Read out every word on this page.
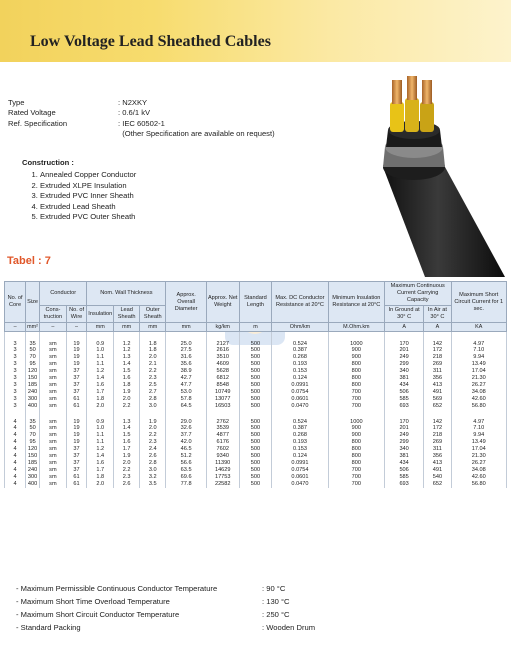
Low Voltage Lead Sheathed Cables
Type	: N2XKY
Rated Voltage	: 0.6/1 kV
Ref. Specification	: IEC 60502-1
(Other Specification are available on request)
Construction :
1. Annealed Copper Conductor
2. Extruded XLPE Insulation
3. Extruded PVC Inner Sheath
4. Extruded Lead Sheath
5. Extruded PVC Outer Sheath
Tabel : 7
No. of Core	Size	Conductor		Nom. Wall Thickness			Approx. Overall Diameter	Approx. Net Weight	Standard Length	Max. DC Conductor Resistance at 20°C	Minimum Insulation Resistance at 20°C	Maximum Continuous Current Carrying Capacity		Maximum Short Circuit Current for 1 sec.
		Cons-truction	No. of Wire	Insulation	Lead Sheath	Outer Sheath						In Ground at 30° C	In Air at 30° C	
–	mm²	–	–	mm	mm	mm	mm	kg/km	m	Ohm/km	M.Ohm.km	A	A	KA

3	35	sm	19	0.9	1.2	1.8	25.0	2127	500	0.524	1000	170	142	4.97
3	50	sm	19	1.0	1.2	1.8	27.5	2616	500	0.387	900	201	172	7.10
3	70	sm	19	1.1	1.3	2.0	31.6	3510	500	0.268	900	249	218	9.94
3	95	sm	19	1.1	1.4	2.1	35.6	4609	500	0.193	800	299	269	13.49
3	120	sm	37	1.2	1.5	2.2	38.9	5628	500	0.153	800	340	311	17.04
3	150	sm	37	1.4	1.6	2.3	42.7	6812	500	0.124	800	381	356	21.30
3	185	sm	37	1.6	1.8	2.5	47.7	8548	500	0.0991	800	434	413	26.27
3	240	sm	37	1.7	1.9	2.7	53.0	10749	500	0.0754	700	506	491	34.08
3	300	sm	61	1.8	2.0	2.8	57.8	13077	500	0.0601	700	585	569	42.60
3	400	sm	61	2.0	2.2	3.0	64.5	16503	500	0.0470	700	693	652	56.80

4	35	sm	19	0.9	1.3	1.9	29.0	2762	500	0.524	1000	170	142	4.97
4	50	sm	19	1.0	1.4	2.0	32.6	3539	500	0.387	900	201	172	7.10
4	70	sm	19	1.1	1.5	2.2	37.7	4877	500	0.268	900	249	218	9.94
4	95	sm	19	1.1	1.6	2.3	42.0	6176	500	0.193	800	299	269	13.49
4	120	sm	37	1.2	1.7	2.4	46.5	7602	500	0.153	800	340	311	17.04
4	150	sm	37	1.4	1.9	2.6	51.2	9340	500	0.124	800	381	356	21.30
4	185	sm	37	1.6	2.0	2.8	56.6	11390	500	0.0991	800	434	413	26.27
4	240	sm	37	1.7	2.2	3.0	63.5	14629	500	0.0754	700	506	491	34.08
4	300	sm	61	1.8	2.3	3.2	69.6	17753	500	0.0601	700	585	540	42.60
4	400	sm	61	2.0	2.6	3.5	77.8	22582	500	0.0470	700	693	652	56.80
- Maximum Permissible Continuous Conductor Temperature	: 90 °C
- Maximum Short Time Overload Temperature	: 130 °C
- Maximum Short Circuit Conductor Temperature	: 250 °C
- Standard Packing	: Wooden Drum
